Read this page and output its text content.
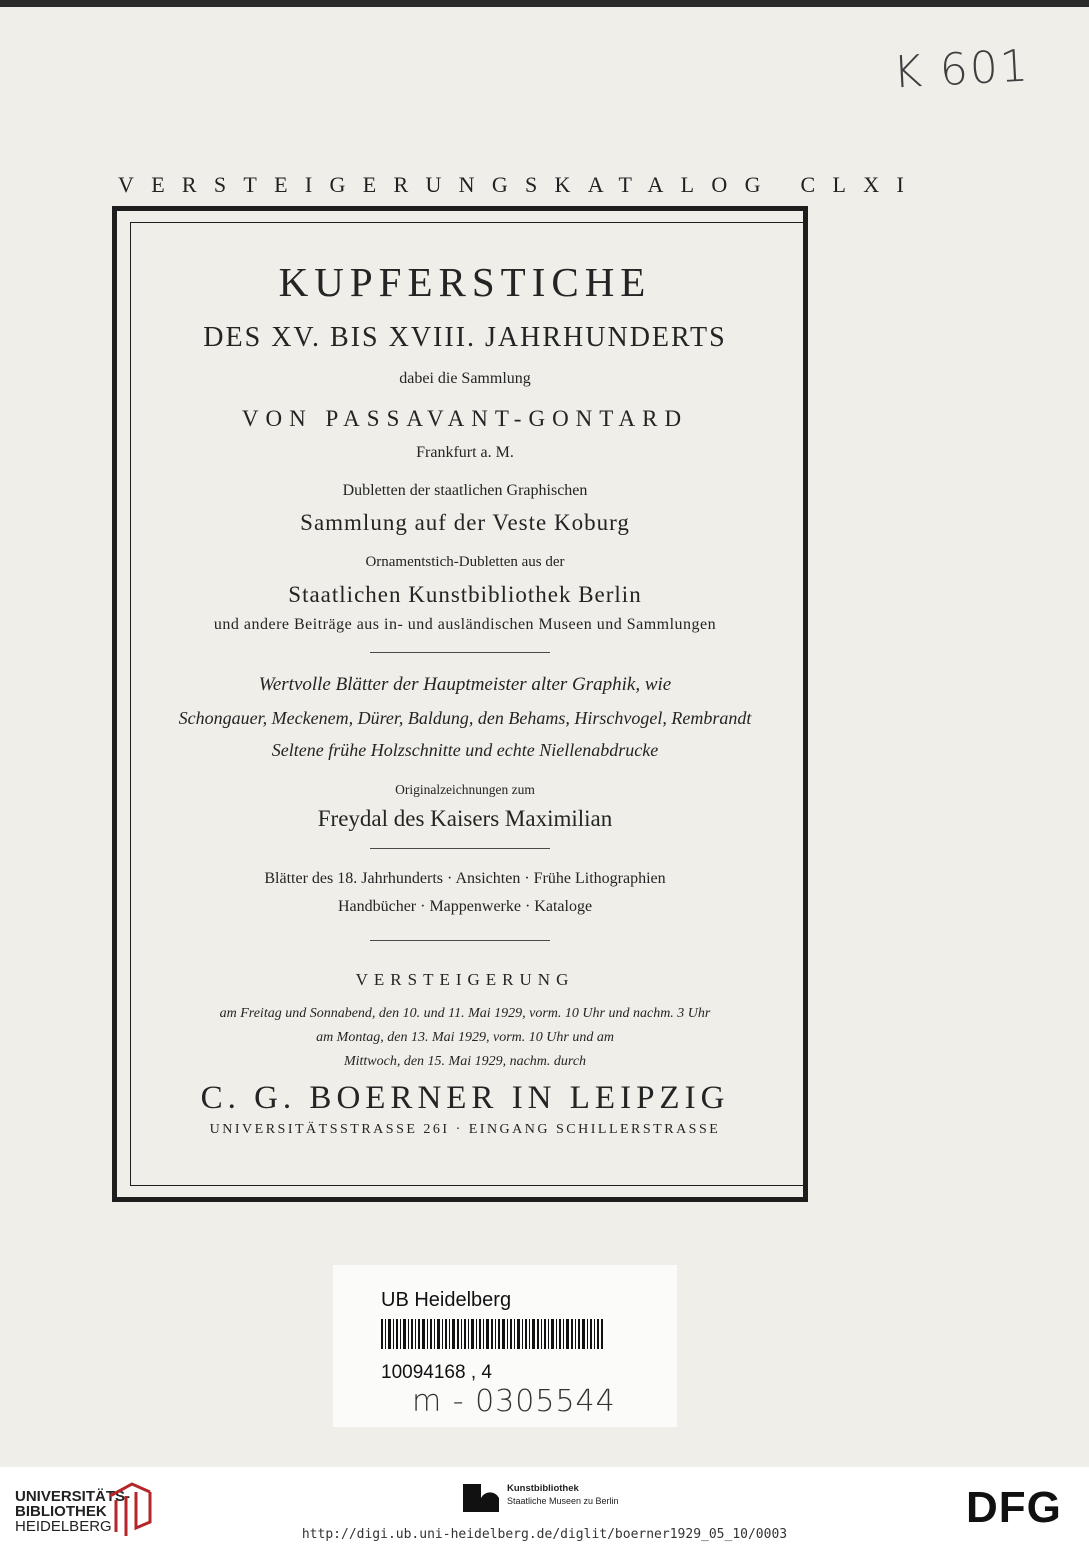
K 601
VERSTEIGERUNGSKATALOG CLXI
KUPFERSTICHE
DES XV. BIS XVIII. JAHRHUNDERTS
dabei die Sammlung
VON PASSAVANT-GONTARD
Frankfurt a. M.
Dubletten der staatlichen Graphischen
Sammlung auf der Veste Koburg
Ornamentstich-Dubletten aus der
Staatlichen Kunstbibliothek Berlin
und andere Beiträge aus in- und ausländischen Museen und Sammlungen
Wertvolle Blätter der Hauptmeister alter Graphik, wie
Schongauer, Meckenem, Dürer, Baldung, den Behams, Hirschvogel, Rembrandt
Seltene frühe Holzschnitte und echte Niellenabdrucke
Originalzeichnungen zum
Freydal des Kaisers Maximilian
Blätter des 18. Jahrhunderts · Ansichten · Frühe Lithographien
Handbücher · Mappenwerke · Kataloge
VERSTEIGERUNG
am Freitag und Sonnabend, den 10. und 11. Mai 1929, vorm. 10 Uhr und nachm. 3 Uhr
am Montag, den 13. Mai 1929, vorm. 10 Uhr und am
Mittwoch, den 15. Mai 1929, nachm. durch
C. G. BOERNER IN LEIPZIG
UNIVERSITÄTSSTRASSE 26I · EINGANG SCHILLERSTRASSE
UB Heidelberg
10094168 , 4
m - 0305544
UNIVERSITÄTS-
BIBLIOTHEK
HEIDELBERG
Kunstbibliothek
Staatliche Museen zu Berlin	DFG
http://digi.ub.uni-heidelberg.de/diglit/boerner1929_05_10/0003
